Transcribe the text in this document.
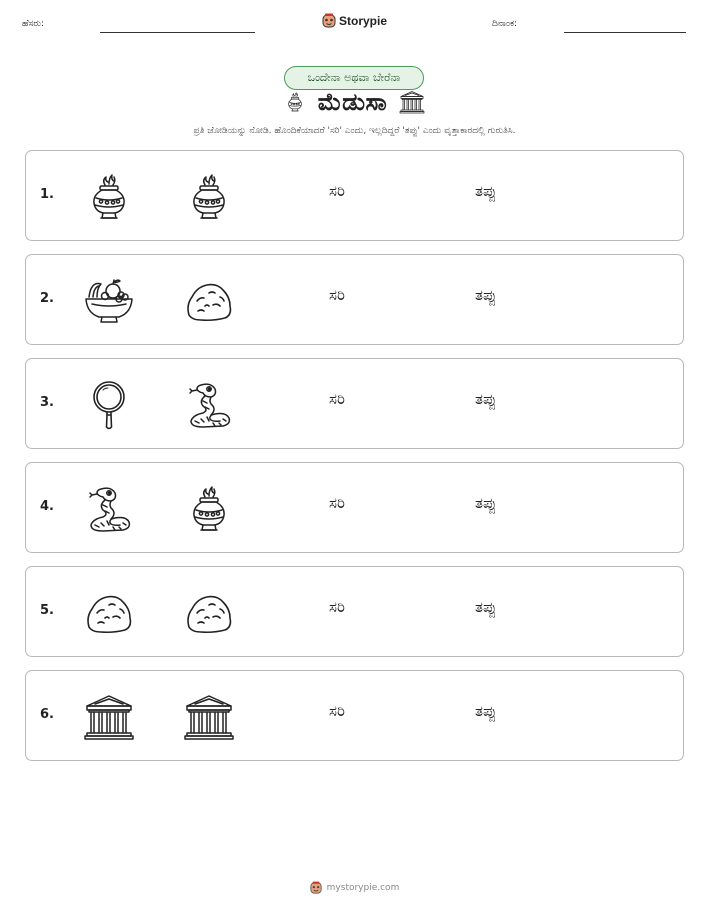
ಹೆಸರು:	Storypie	ದಿನಾಂಕ:
ಒಂದೇನಾ ಅಥವಾ ಬೇರೆನಾ
ಮೆಡುಸಾ
ಪ್ರತಿ ಜೋಡಿಯನ್ನು ನೋಡಿ. ಹೊಂದಿಕೆಯಾದರೆ 'ಸರಿ' ಎಂದು, ಇಲ್ಲದಿದ್ದರೆ 'ತಪ್ಪು' ಎಂದು ವೃತ್ತಾಕಾರದಲ್ಲಿ ಗುರುತಿಸಿ.
1.	ಸರಿ	ತಪ್ಪು
2.	ಸರಿ	ತಪ್ಪು
3.	ಸರಿ	ತಪ್ಪು
4.	ಸರಿ	ತಪ್ಪು
5.	ಸರಿ	ತಪ್ಪು
6.	ಸರಿ	ತಪ್ಪು
mystorypie.com
